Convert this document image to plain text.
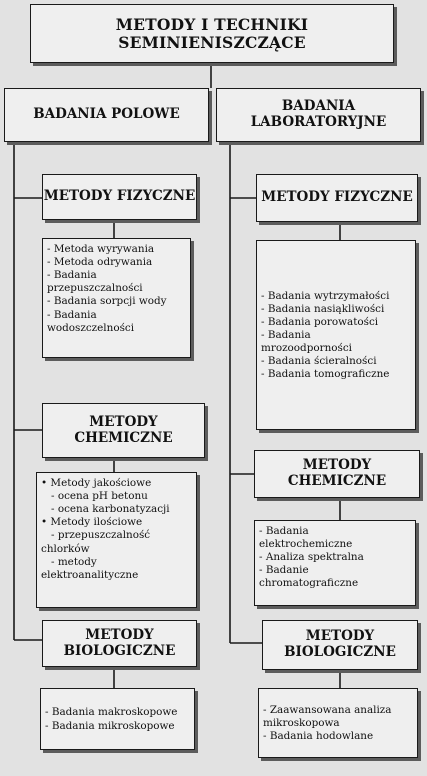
METODY I TECHNIKI
SEMINIENISZCZĄCE
BADANIA POLOWE	BADANIA
LABORATORYJNE
METODY FIZYCZNE
- Metoda wyrywania
- Metoda odrywania
- Badania
przepuszczalności
- Badania sorpcji wody
- Badania
wodoszczelności
METODY
CHEMICZNE
• Metody jakościowe
- ocena pH betonu
- ocena karbonatyzacji
• Metody ilościowe
- przepuszczalność
chlorków
- metody
elektroanalityczne
METODY
BIOLOGICZNE
- Badania makroskopowe
- Badania mikroskopowe
METODY FIZYCZNE
- Badania wytrzymałości
- Badania nasiąkliwości
- Badania porowatości
- Badania
mrozoodporności
- Badania ścieralności
- Badania tomograficzne
METODY
CHEMICZNE
- Badania
elektrochemiczne
- Analiza spektralna
- Badanie
chromatograficzne
METODY
BIOLOGICZNE
- Zaawansowana analiza
mikroskopowa
- Badania hodowlane
